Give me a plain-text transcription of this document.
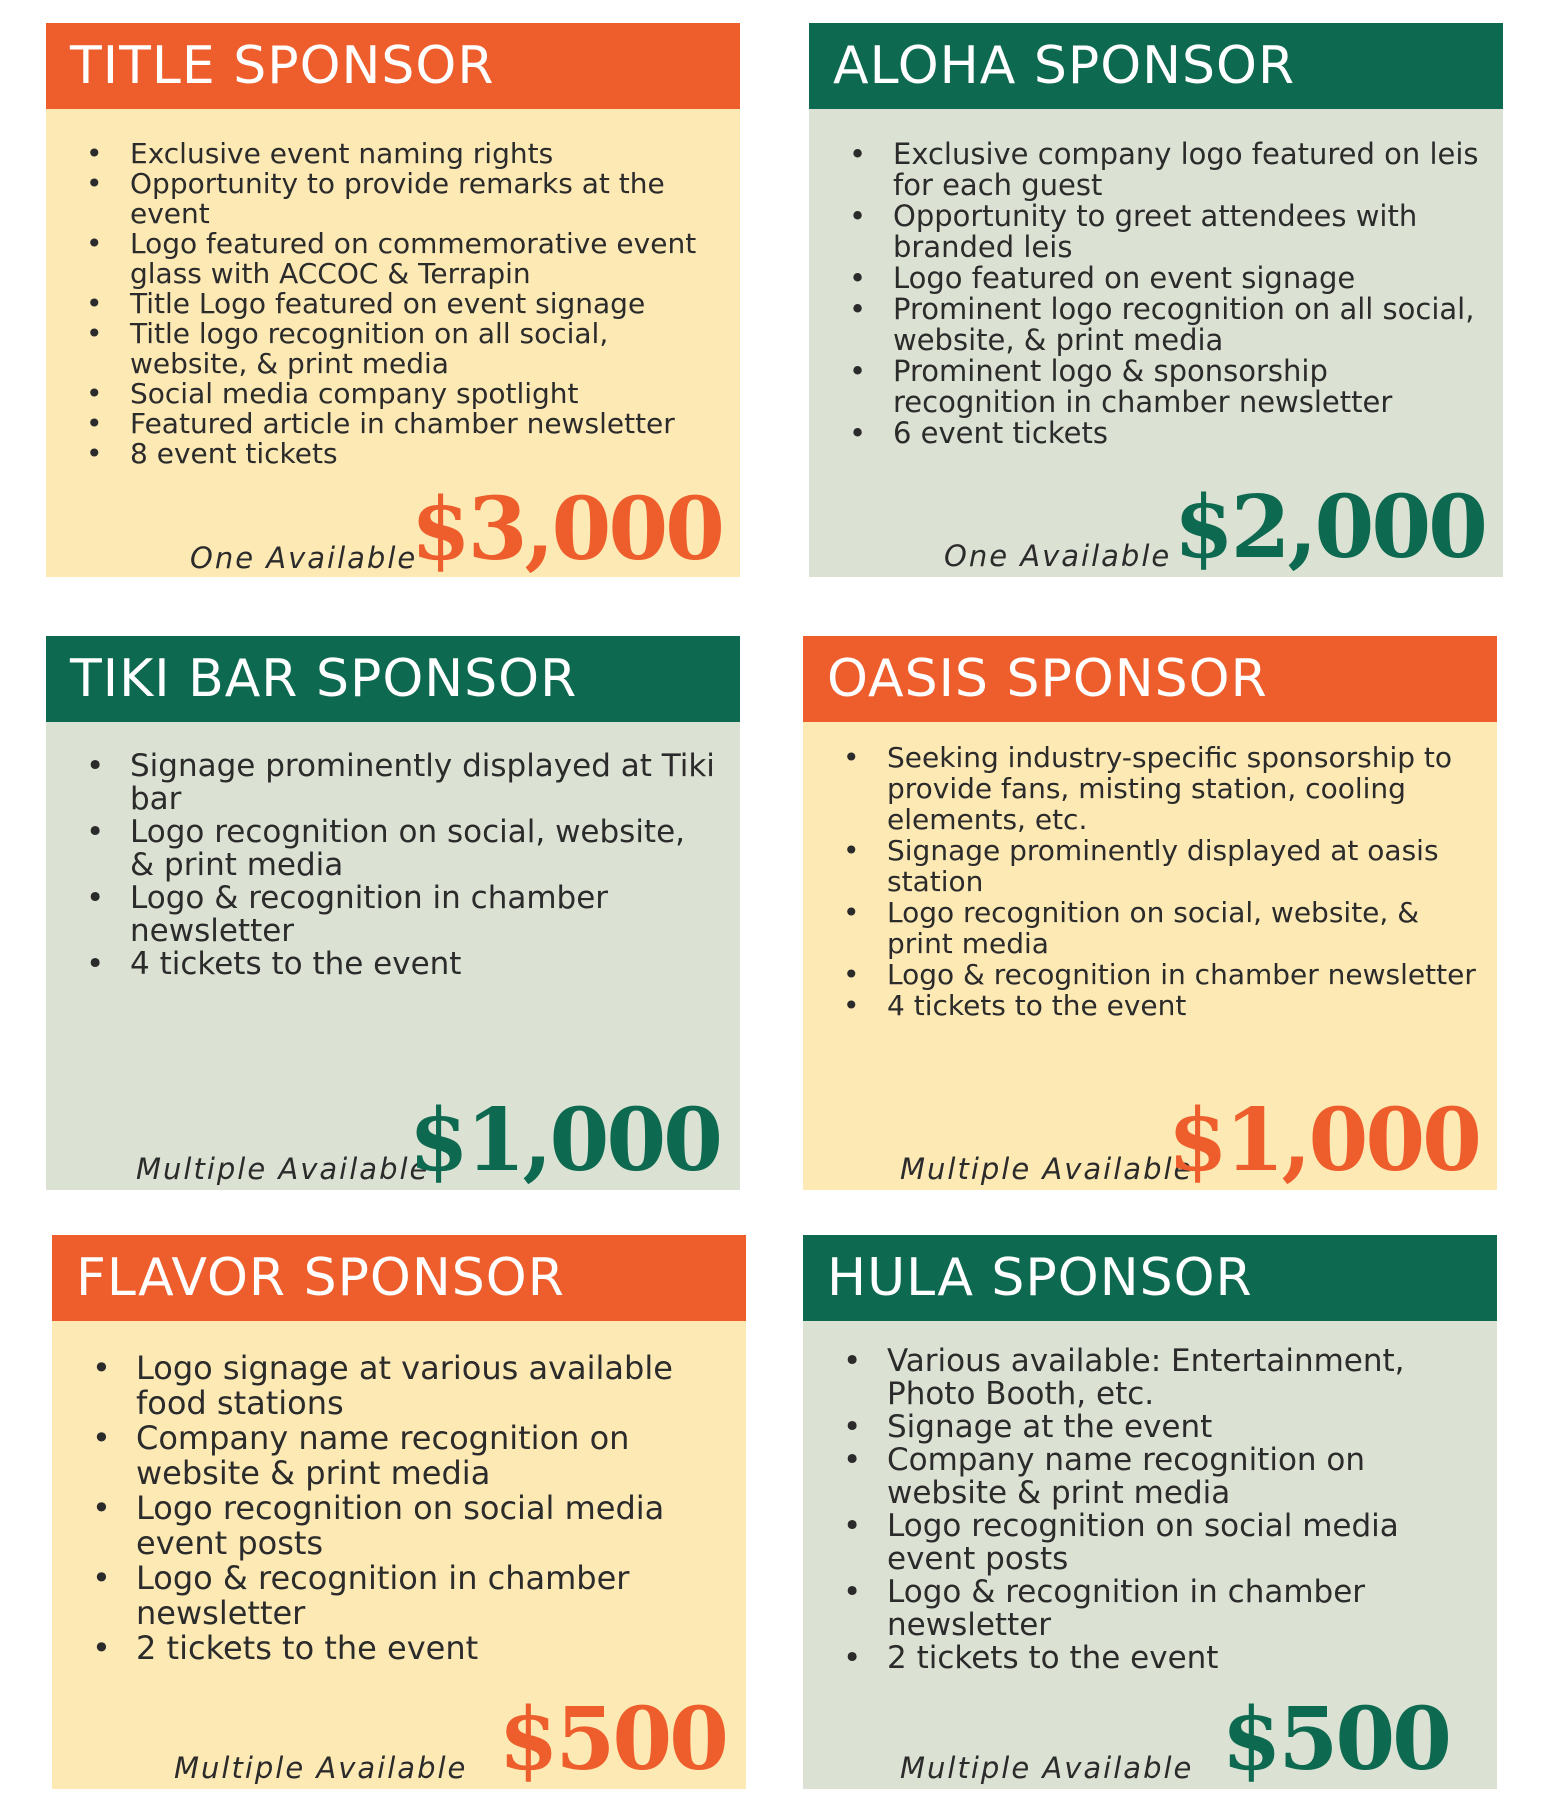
TITLE SPONSOR
• Exclusive event naming rights
• Opportunity to provide remarks at the event
• Logo featured on commemorative event glass with ACCOC & Terrapin
• Title Logo featured on event signage
• Title logo recognition on all social, website, & print media
• Social media company spotlight
• Featured article in chamber newsletter
• 8 event tickets
One Available
$3,000
ALOHA SPONSOR
• Exclusive company logo featured on leis for each guest
• Opportunity to greet attendees with branded leis
• Logo featured on event signage
• Prominent logo recognition on all social, website, & print media
• Prominent logo & sponsorship recognition in chamber newsletter
• 6 event tickets
One Available $2,000
TIKI BAR SPONSOR
• Signage prominently displayed at Tiki bar
• Logo recognition on social, website, & print media
• Logo & recognition in chamber newsletter
• 4 tickets to the event
Multiple Available
$1,000
OASIS SPONSOR
• Seeking industry-specific sponsorship to provide fans, misting station, cooling elements, etc.
• Signage prominently displayed at oasis station
• Logo recognition on social, website, & print media
• Logo & recognition in chamber newsletter
• 4 tickets to the event
Multiple Available
$1,000
FLAVOR SPONSOR
• Logo signage at various available food stations
• Company name recognition on website & print media
• Logo recognition on social media event posts
• Logo & recognition in chamber newsletter
• 2 tickets to the event
Multiple Available $500
HULA SPONSOR
• Various available: Entertainment, Photo Booth, etc.
• Signage at the event
• Company name recognition on website & print media
• Logo recognition on social media event posts
• Logo & recognition in chamber newsletter
• 2 tickets to the event
Multiple Available $500
